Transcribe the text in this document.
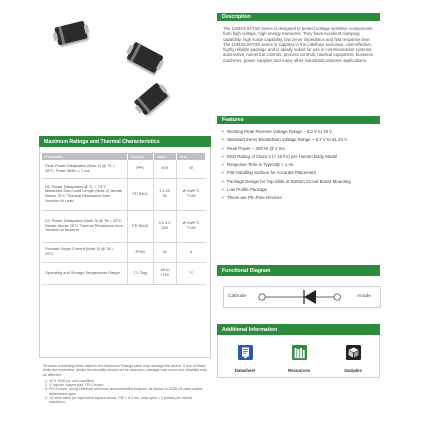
Description
The 1SMA5.0AT3G series is designed to protect voltage sensitive components from high voltage, high energy transients. They have excellent clamping capability, high surge capability, low zener impedance and fast response time. The 1SMA5.0AT3G series is supplied in the Littelfuse exclusive, cost-effective, highly reliable package and is ideally suited for use in communication systems, automotive, numerical controls, process controls, medical equipment, business machines, power supplies and many other industrial/consumer applications.
Features
• Working Peak Reverse Voltage Range – 5.0 V to 78 V
• Standard Zener Breakdown Voltage Range – 6.7 V to 91.25 V
• Peak Power – 400 W @ 1 ms
• ESD Rating of Class 3 (> 16 kV) per Human Body Model
• Response Time is Typically < 1 ns
• Flat Handling Surface for Accurate Placement
• Package Design for Top Slide or Bottom Circuit Board Mounting
• Low Profile Package
• These are Pb–Free Devices
Maximum Ratings and Thermal Characteristics
Parameter	Symbol	Value	Unit
Peak Power Dissipation (Note 1) @ TL = 25°C, Pulse Width = 1 ms	PPK	400	W
DC Power Dissipation @ TL = 75°C Measured Zero Lead Length (Note 2) Derate Above 75°C Thermal Resistance from Junction to Lead	PD RθJL	1.5 20 50	W mW/°C °C/W
DC Power Dissipation (Note 3) @ TA = 25°C Derate Above 25°C Thermal Resistance from Junction to Ambient	PD RθJA	0.5 4.0 250	W mW/°C °C/W
Forward Surge Current (Note 4) @ TA = 25°C	IFSM	40	A
Operating and Storage Temperature Range	TJ, Tstg	-65 to +150	°C
Stresses exceeding those listed in the Maximum Ratings table may damage the device. If any of these limits are exceeded, device functionality should not be assumed, damage may occur and reliability may be affected.
1. 10 X 1000 μs, non-repetitive
2. 1" square copper pad, FR-4 board
3. FR-4 board, using Littelfuse minimum recommended footprint, as shown in 403D-02 case outline dimensions spec.
4. 1/2 sine wave (or equivalent square wave), PW = 8.3 ms, duty cycle = 4 pulses per minute maximum.
Functional Diagram
Cathode	Anode
Additional Information
Datasheet	Resources	Samples
